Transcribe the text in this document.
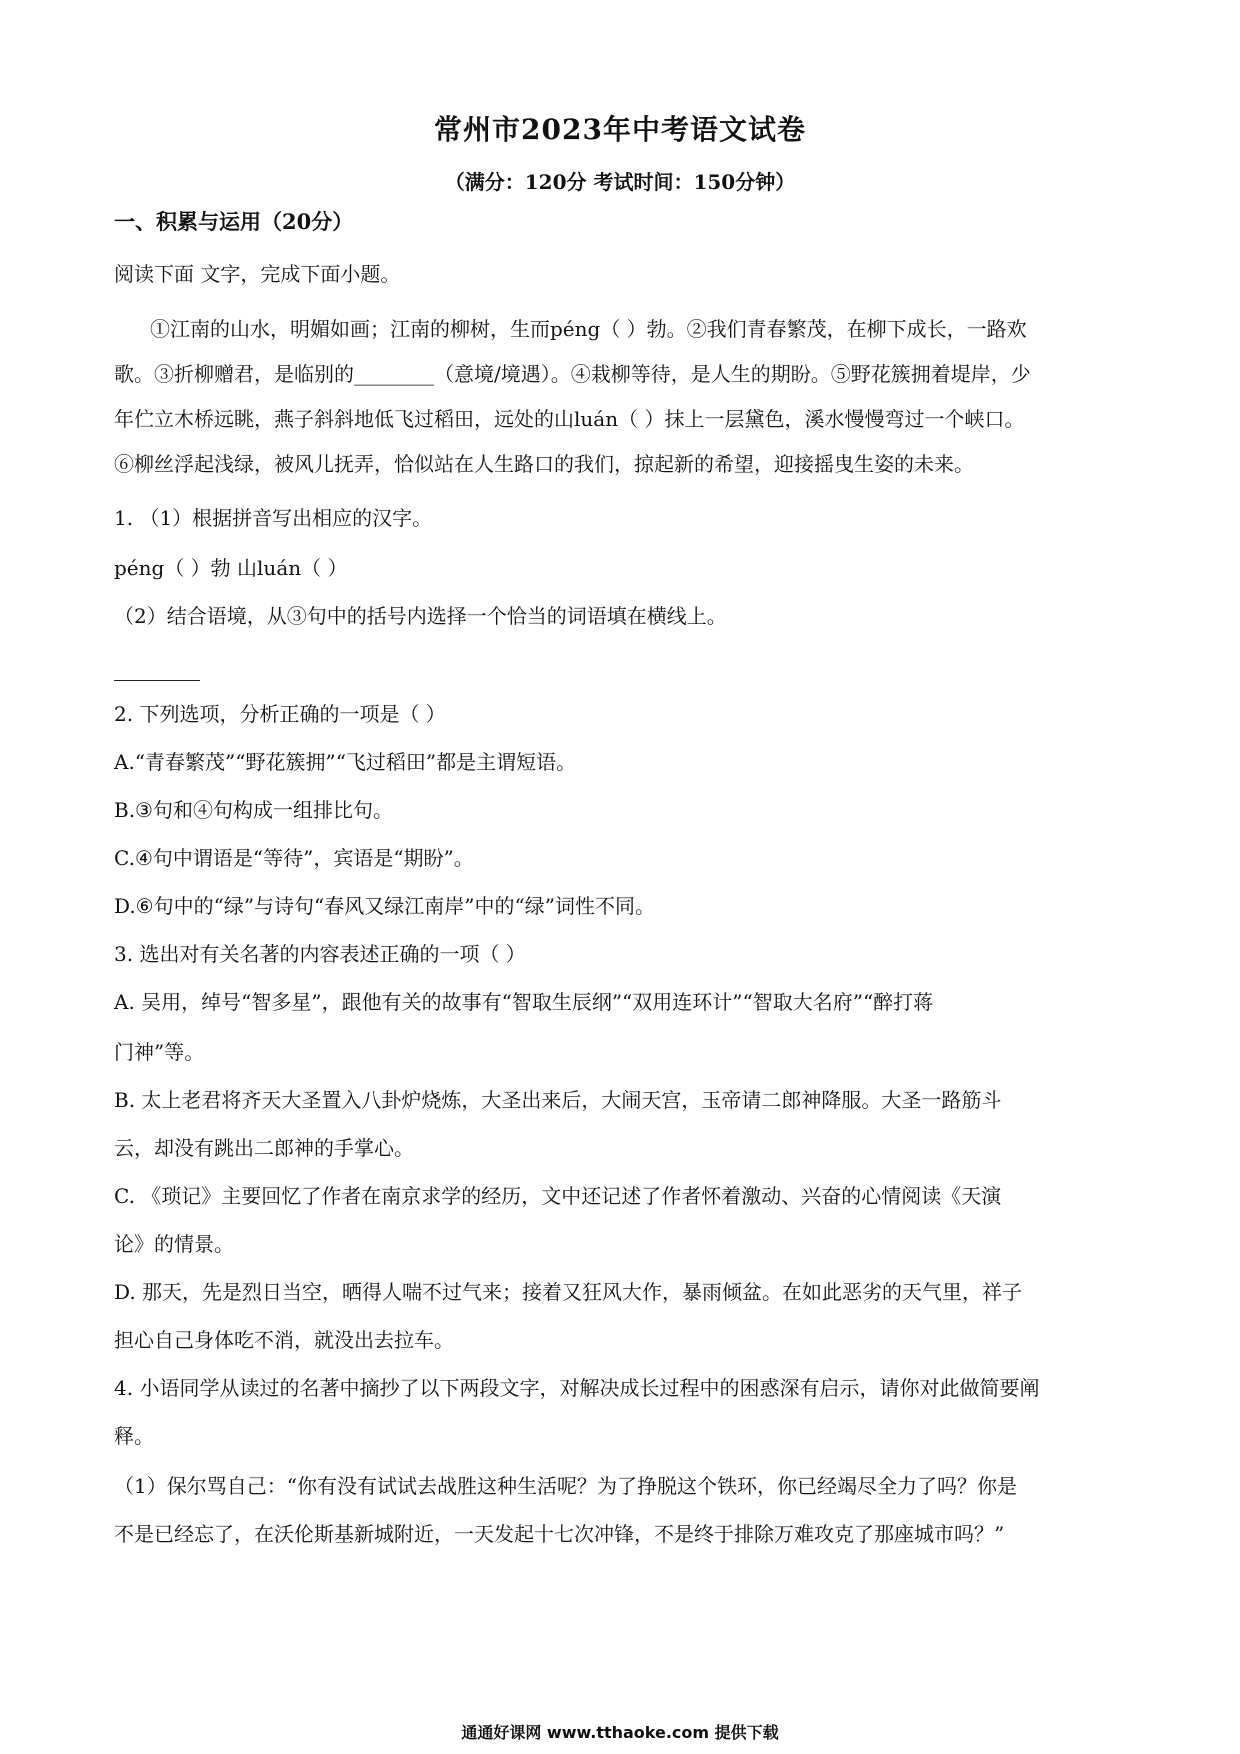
常州市2023年中考语文试卷
（满分：120分 考试时间：150分钟）
一、积累与运用（20分）
阅读下面 文字，完成下面小题。
①江南的山水，明媚如画；江南的柳树，生而péng（ ）勃。②我们青春繁茂，在柳下成长，一路欢
歌。③折柳赠君，是临别的________（意境/境遇）。④栽柳等待，是人生的期盼。⑤野花簇拥着堤岸，少
年伫立木桥远眺，燕子斜斜地低飞过稻田，远处的山luán（ ）抹上一层黛色，溪水慢慢弯过一个峡口。
⑥柳丝浮起浅绿，被风儿抚弄，恰似站在人生路口的我们，掠起新的希望，迎接摇曳生姿的未来。
1. （1）根据拼音写出相应的汉字。
péng（ ）勃 山luán（ ）
（2）结合语境，从③句中的括号内选择一个恰当的词语填在横线上。
2. 下列选项，分析正确的一项是（ ）
A.“青春繁茂”“野花簇拥”“飞过稻田”都是主谓短语。
B.③句和④句构成一组排比句。
C.④句中谓语是“等待”，宾语是“期盼”。
D.⑥句中的“绿”与诗句“春风又绿江南岸”中的“绿”词性不同。
3. 选出对有关名著的内容表述正确的一项（ ）
A. 吴用，绰号“智多星”，跟他有关的故事有“智取生辰纲”“双用连环计”“智取大名府”“醉打蒋
门神”等。
B. 太上老君将齐天大圣置入八卦炉烧炼，大圣出来后，大闹天宫，玉帝请二郎神降服。大圣一路筋斗
云，却没有跳出二郎神的手掌心。
C. 《琐记》主要回忆了作者在南京求学的经历，文中还记述了作者怀着激动、兴奋的心情阅读《天演
论》的情景。
D. 那天，先是烈日当空，晒得人喘不过气来；接着又狂风大作，暴雨倾盆。在如此恶劣的天气里，祥子
担心自己身体吃不消，就没出去拉车。
4. 小语同学从读过的名著中摘抄了以下两段文字，对解决成长过程中的困惑深有启示，请你对此做简要阐
释。
（1）保尔骂自己：“你有没有试试去战胜这种生活呢？为了挣脱这个铁环，你已经竭尽全力了吗？你是
不是已经忘了，在沃伦斯基新城附近，一天发起十七次冲锋，不是终于排除万难攻克了那座城市吗？”
通通好课网 www.tthaoke.com 提供下载
